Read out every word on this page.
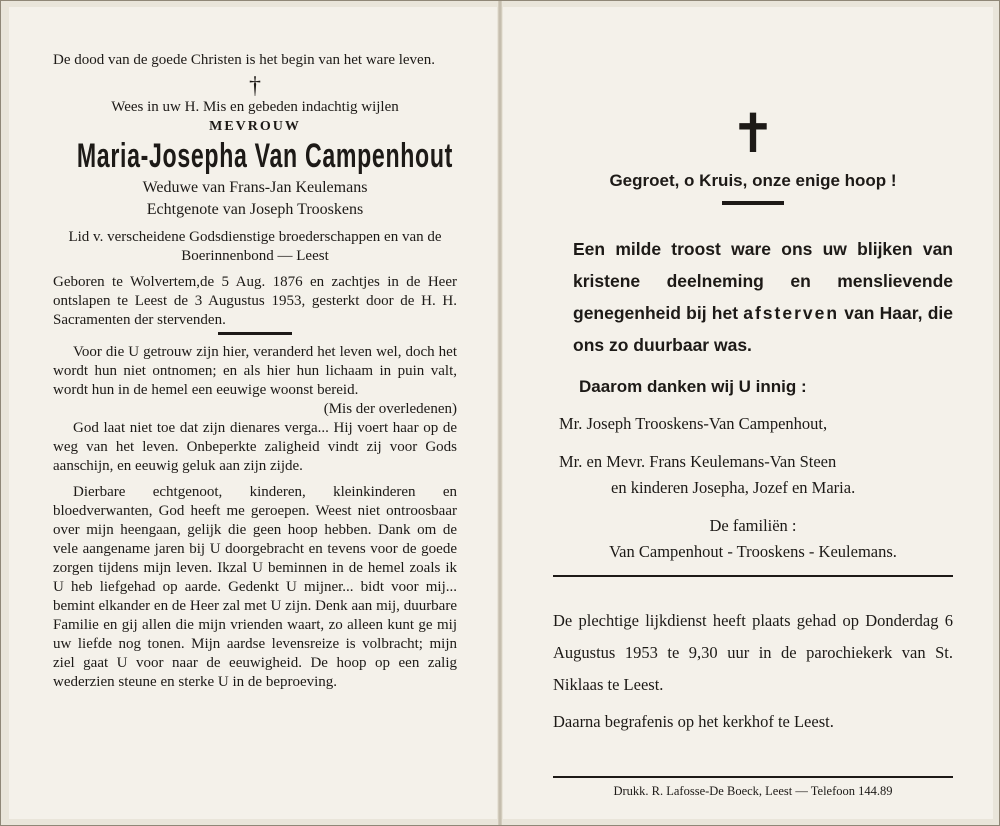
De dood van de goede Christen is het begin van het ware leven.

†

Wees in uw H. Mis en gebeden indachtig wijlen

MEVROUW

Maria-Josepha Van Campenhout

Weduwe van Frans-Jan Keulemans

Echtgenote van Joseph Trooskens

Lid v. verscheidene Godsdienstige broederschappen en van de Boerinnenbond — Leest

Geboren te Wolvertem,de 5 Aug. 1876 en zachtjes in de Heer ontslapen te Leest de 3 Augustus 1953, gesterkt door de H. H. Sacramenten der stervenden.

Voor die U getrouw zijn hier, veranderd het leven wel, doch het wordt hun niet ontnomen; en als hier hun lichaam in puin valt, wordt hun in de hemel een eeuwige woonst bereid.

(Mis der overledenen)

God laat niet toe dat zijn dienares verga... Hij voert haar op de weg van het leven. Onbeperkte zaligheid vindt zij voor Gods aanschijn, en eeuwig geluk aan zijn zijde.

Dierbare echtgenoot, kinderen, kleinkinderen en bloedverwanten, God heeft me geroepen. Weest niet ontroosbaar over mijn heengaan, gelijk die geen hoop hebben. Dank om de vele aangename jaren bij U doorgebracht en tevens voor de goede zorgen tijdens mijn leven. Ikzal U beminnen in de hemel zoals ik U heb liefgehad op aarde. Gedenkt U mijner... bidt voor mij... bemint elkander en de Heer zal met U zijn. Denk aan mij, duurbare Familie en gij allen die mijn vrienden waart, zo alleen kunt ge mij uw liefde nog tonen. Mijn aardse levensreize is volbracht; mijn ziel gaat U voor naar de eeuwigheid. De hoop op een zalig wederzien steune en sterke U in de beproeving.

✝

Gegroet, o Kruis, onze enige hoop !

Een milde troost ware ons uw blijken van kristene deelneming en menslievende genegenheid bij het afsterven van Haar, die ons zo duurbaar was.

Daarom danken wij U innig :

Mr. Joseph Trooskens-Van Campenhout,

Mr. en Mevr. Frans Keulemans-Van Steen

en kinderen Josepha, Jozef en Maria.

De familiën :

Van Campenhout - Trooskens - Keulemans.

De plechtige lijkdienst heeft plaats gehad op Donderdag 6 Augustus 1953 te 9,30 uur in de parochiekerk van St. Niklaas te Leest.

Daarna begrafenis op het kerkhof te Leest.

Drukk. R. Lafosse-De Boeck, Leest — Telefoon 144.89
